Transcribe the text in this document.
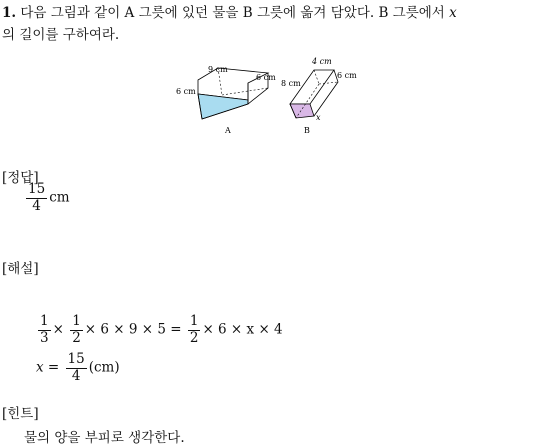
1. 다음 그림과 같이 A 그릇에 있던 물을 B 그릇에 옮겨 담았다. B 그릇에서 x
의 길이를 구하여라.
9 cm
6 cm
6 cm
A
4 cm
6 cm
8 cm
x
B
[정답]
$\frac{15}{4}$ cm
[해설]
$\frac{1}{3} \times \frac{1}{2} \times 6 \times 9 \times 5 = \frac{1}{2} \times 6 \times x \times 4$
$x = \frac{15}{4} (cm)$
[힌트]
물의 양을 부피로 생각한다.
